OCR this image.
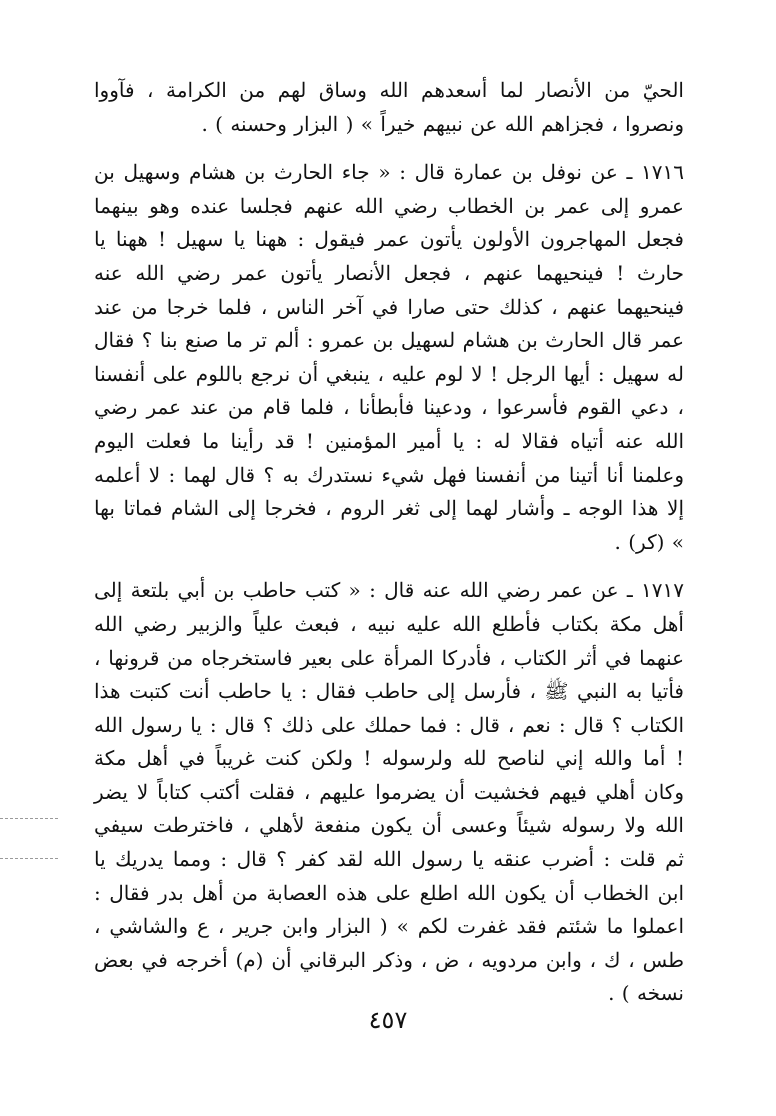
الحيّ من الأنصار لما أسعدهم الله وساق لهم من الكرامة ، فآووا ونصروا ، فجزاهم الله عن نبيهم خيراً » ( البزار وحسنه ) .

١٧١٦ ـ عن نوفل بن عمارة قال : « جاء الحارث بن هشام وسهيل بن عمرو إلى عمر بن الخطاب رضي الله عنهم فجلسا عنده وهو بينهما فجعل المهاجرون الأولون يأتون عمر فيقول : ههنا يا سهيل ! ههنا يا حارث ! فينحيهما عنهم ، فجعل الأنصار يأتون عمر رضي الله عنه فينحيهما عنهم ، كذلك حتى صارا في آخر الناس ، فلما خرجا من عند عمر قال الحارث بن هشام لسهيل بن عمرو : ألم تر ما صنع بنا ؟ فقال له سهيل : أيها الرجل ! لا لوم عليه ، ينبغي أن نرجع باللوم على أنفسنا ، دعي القوم فأسرعوا ، ودعينا فأبطأنا ، فلما قام من عند عمر رضي الله عنه أتياه فقالا له : يا أمير المؤمنين ! قد رأينا ما فعلت اليوم وعلمنا أنا أتينا من أنفسنا فهل شيء نستدرك به ؟ قال لهما : لا أعلمه إلا هذا الوجه ـ وأشار لهما إلى ثغر الروم ، فخرجا إلى الشام فماتا بها » (كر) .

١٧١٧ ـ عن عمر رضي الله عنه قال : « كتب حاطب بن أبي بلتعة إلى أهل مكة بكتاب فأطلع الله عليه نبيه ، فبعث علياً والزبير رضي الله عنهما في أثر الكتاب ، فأدركا المرأة على بعير فاستخرجاه من قرونها ، فأتيا به النبي ﷺ ، فأرسل إلى حاطب فقال : يا حاطب أنت كتبت هذا الكتاب ؟ قال : نعم ، قال : فما حملك على ذلك ؟ قال : يا رسول الله ! أما والله إني لناصح لله ولرسوله ! ولكن كنت غريباً في أهل مكة وكان أهلي فيهم فخشيت أن يضرموا عليهم ، فقلت أكتب كتاباً لا يضر الله ولا رسوله شيئاً وعسى أن يكون منفعة لأهلي ، فاخترطت سيفي ثم قلت : أضرب عنقه يا رسول الله لقد كفر ؟ قال : ومما يدريك يا ابن الخطاب أن يكون الله اطلع على هذه العصابة من أهل بدر فقال : اعملوا ما شئتم فقد غفرت لكم » ( البزار وابن جرير ، ع والشاشي ، طس ، ك ، وابن مردويه ، ض ، وذكر البرقاني أن (م) أخرجه في بعض نسخه ) .

٤٥٧
